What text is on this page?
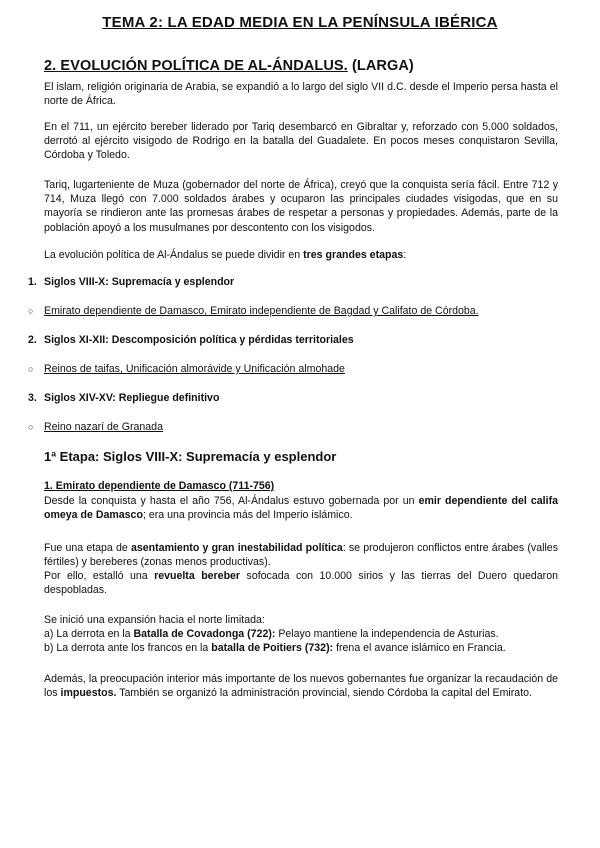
TEMA 2: LA EDAD MEDIA EN LA PENÍNSULA IBÉRICA
2. EVOLUCIÓN POLÍTICA DE AL-ÁNDALUS. (LARGA)

El islam, religión originaria de Arabia, se expandió a lo largo del siglo VII d.C. desde el Imperio persa hasta el norte de África.

En el 711, un ejército bereber liderado por Tariq desembarcó en Gibraltar y, reforzado con 5.000 soldados, derrotó al ejército visigodo de Rodrigo en la batalla del Guadalete. En pocos meses conquistaron Sevilla, Córdoba y Toledo.

Tariq, lugarteniente de Muza (gobernador del norte de África), creyó que la conquista sería fácil. Entre 712 y 714, Muza llegó con 7.000 soldados árabes y ocuparon las principales ciudades visigodas, que en su mayoría se rindieron ante las promesas árabes de respetar a personas y propiedades. Además, parte de la población apoyó a los musulmanes por descontento con los visigodos.

La evolución política de Al-Ándalus se puede dividir en tres grandes etapas:

1. Siglos VIII-X: Supremacía y esplendor
○ Emirato dependiente de Damasco, Emirato independiente de Bagdad y Califato de Córdoba.
2. Siglos XI-XII: Descomposición política y pérdidas territoriales
○ Reinos de taifas, Unificación almorávide y Unificación almohade
3. Siglos XIV-XV: Repliegue definitivo
○ Reino nazarí de Granada
1ª Etapa: Siglos VIII-X: Supremacía y esplendor
1. Emirato dependiente de Damasco (711-756)

Desde la conquista y hasta el año 756, Al-Ándalus estuvo gobernada por un emir dependiente del califa omeya de Damasco; era una provincia más del Imperio islámico.

Fue una etapa de asentamiento y gran inestabilidad política: se produjeron conflictos entre árabes (valles fértiles) y bereberes (zonas menos productivas).

Por ello, estalló una revuelta bereber sofocada con 10.000 sirios y las tierras del Duero quedaron despobladas.

Se inició una expansión hacia el norte limitada:

a) La derrota en la Batalla de Covadonga (722): Pelayo mantiene la independencia de Asturias.

b) La derrota ante los francos en la batalla de Poitiers (732): frena el avance islámico en Francia.

Además, la preocupación interior más importante de los nuevos gobernantes fue organizar la recaudación de los impuestos. También se organizó la administración provincial, siendo Córdoba la capital del Emirato.
